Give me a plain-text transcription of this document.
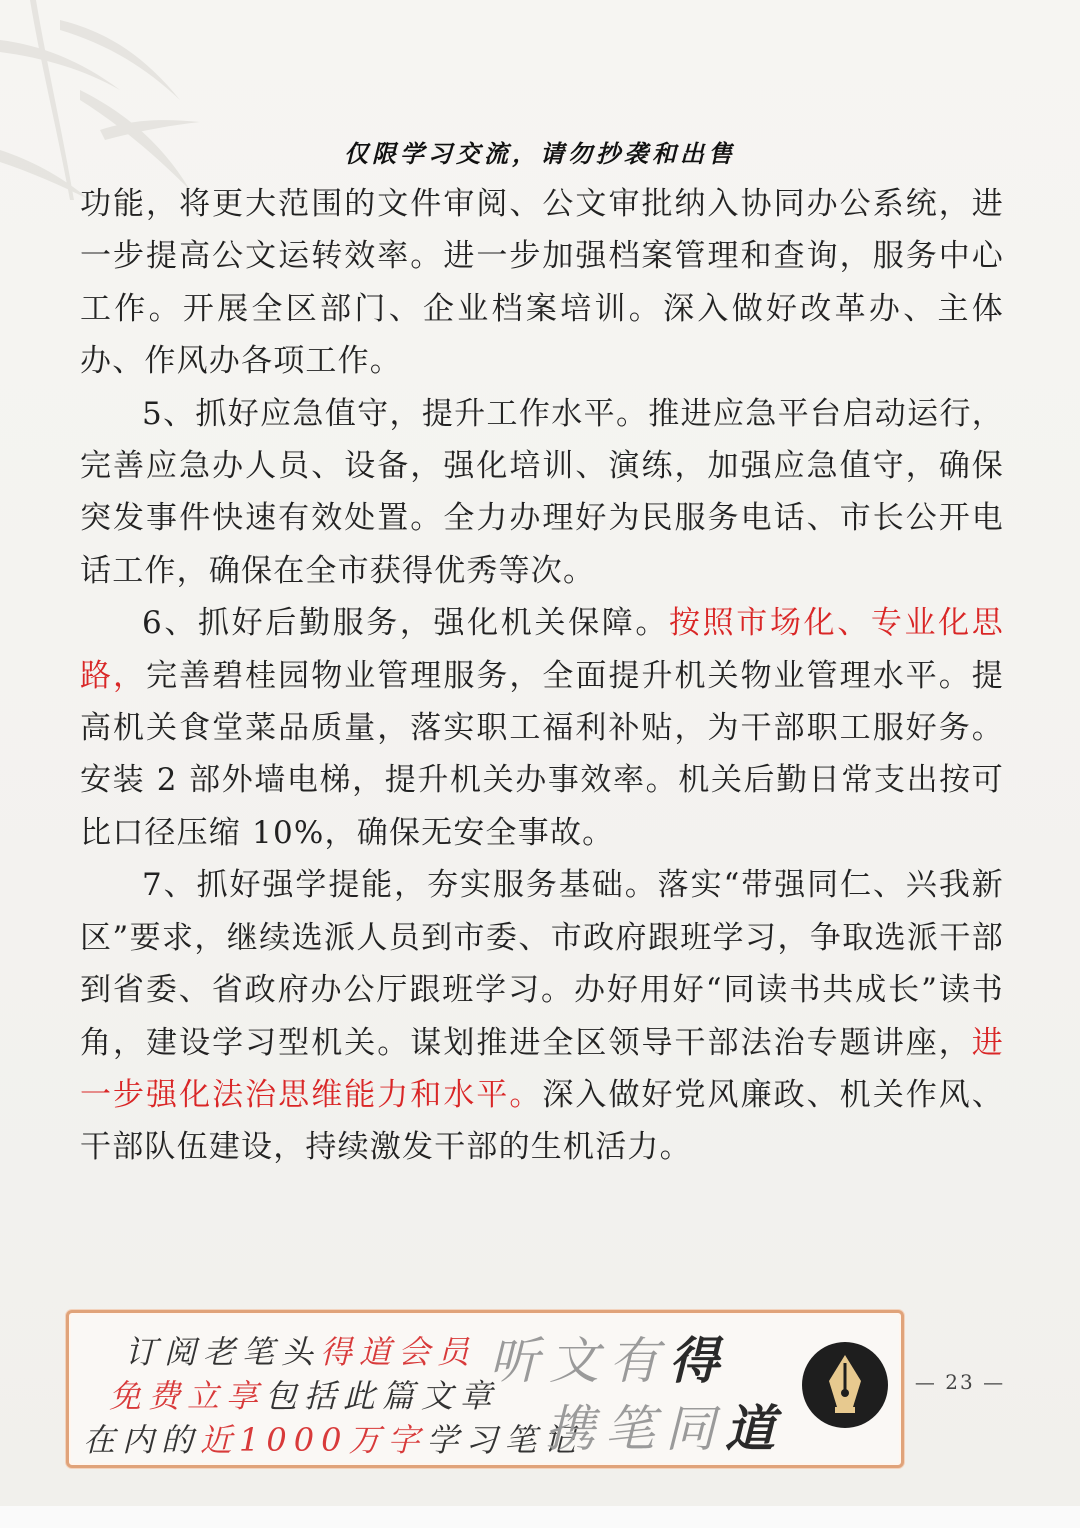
仅限学习交流，请勿抄袭和出售

功能，将更大范围的文件审阅、公文审批纳入协同办公系统，进一步提高公文运转效率。进一步加强档案管理和查询，服务中心工作。开展全区部门、企业档案培训。深入做好改革办、主体办、作风办各项工作。

5、抓好应急值守，提升工作水平。推进应急平台启动运行，完善应急办人员、设备，强化培训、演练，加强应急值守，确保突发事件快速有效处置。全力办理好为民服务电话、市长公开电话工作，确保在全市获得优秀等次。

6、抓好后勤服务，强化机关保障。按照市场化、专业化思路，完善碧桂园物业管理服务，全面提升机关物业管理水平。提高机关食堂菜品质量，落实职工福利补贴，为干部职工服好务。安装 2 部外墙电梯，提升机关办事效率。机关后勤日常支出按可比口径压缩 10%，确保无安全事故。

7、抓好强学提能，夯实服务基础。落实“带强同仁、兴我新区”要求，继续选派人员到市委、市政府跟班学习，争取选派干部到省委、省政府办公厅跟班学习。办好用好“同读书共成长”读书角，建设学习型机关。谋划推进全区领导干部法治专题讲座，进一步强化法治思维能力和水平。深入做好党风廉政、机关作风、干部队伍建设，持续激发干部的生机活力。

订阅老笔头得道会员
免费立享包括此篇文章
在内的近1000万字学习笔记
听文有得
携笔同道
— 23 —
